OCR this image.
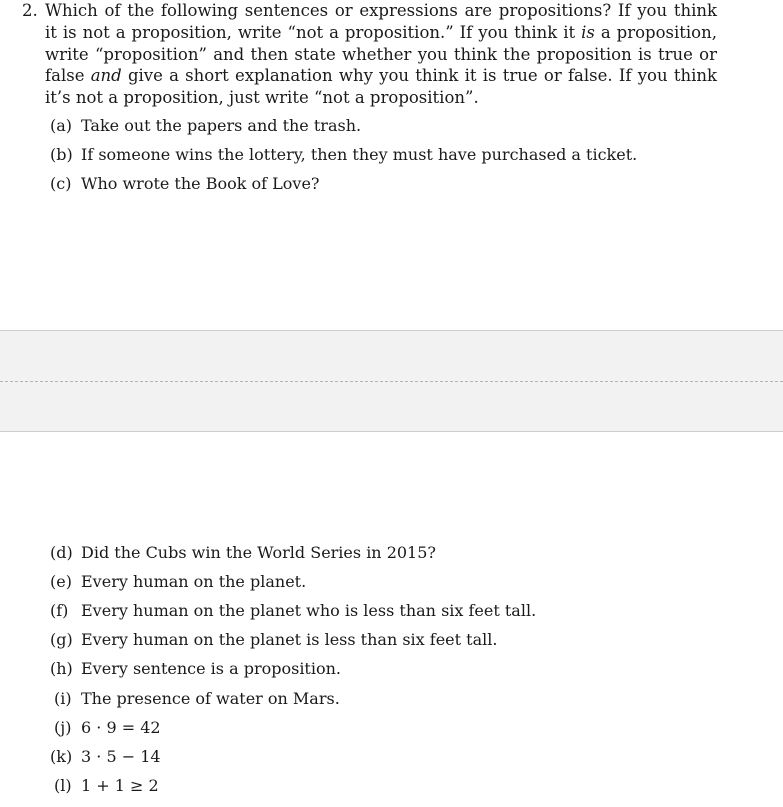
2. Which of the following sentences or expressions are propositions? If you think it is not a proposition, write “not a proposition.” If you think it is a proposition, write “proposition” and then state whether you think the proposition is true or false and give a short explanation why you think it is true or false. If you think it’s not a proposition, just write “not a proposition”.
(a) Take out the papers and the trash.
(b) If someone wins the lottery, then they must have purchased a ticket.
(c) Who wrote the Book of Love?
(d) Did the Cubs win the World Series in 2015?
(e) Every human on the planet.
(f) Every human on the planet who is less than six feet tall.
(g) Every human on the planet is less than six feet tall.
(h) Every sentence is a proposition.
(i) The presence of water on Mars.
(j) 6 · 9 = 42
(k) 3 · 5 − 14
(l) 1 + 1 ≥ 2
